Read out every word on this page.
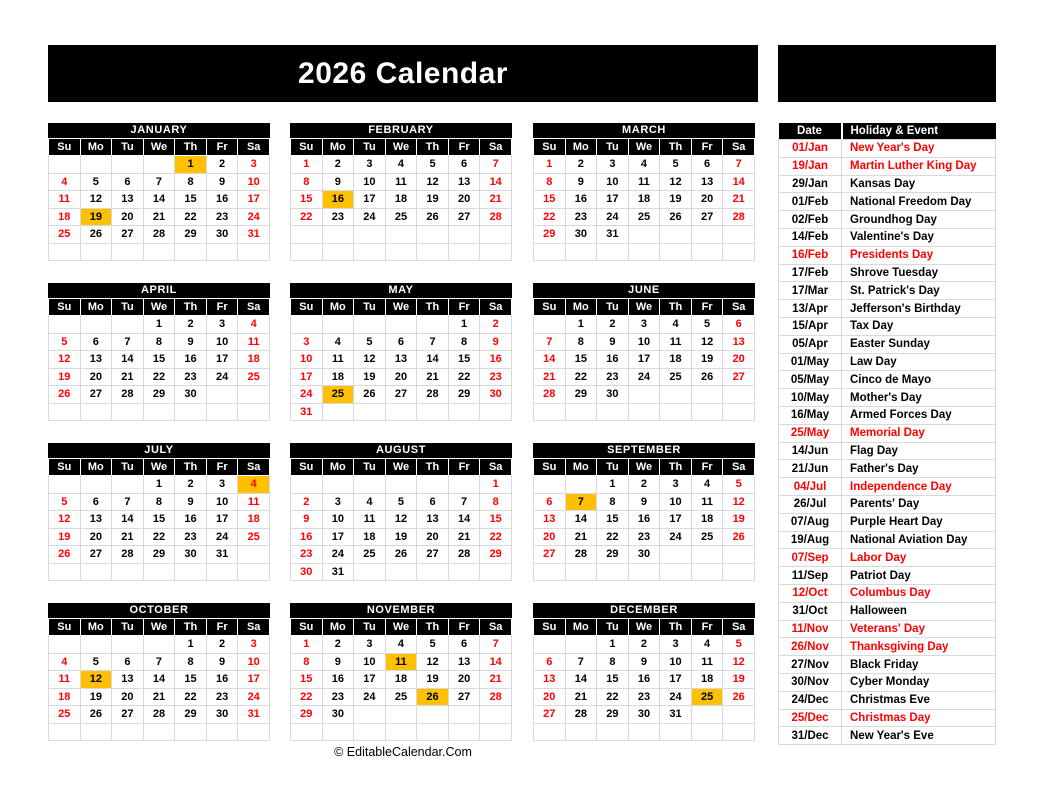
2026 Calendar
JANUARY
Su	Mo	Tu	We	Th	Fr	Sa
				1	2	3
4	5	6	7	8	9	10
11	12	13	14	15	16	17
18	19	20	21	22	23	24
25	26	27	28	29	30	31

FEBRUARY
Su	Mo	Tu	We	Th	Fr	Sa
1	2	3	4	5	6	7
8	9	10	11	12	13	14
15	16	17	18	19	20	21
22	23	24	25	26	27	28

MARCH
Su	Mo	Tu	We	Th	Fr	Sa
1	2	3	4	5	6	7
8	9	10	11	12	13	14
15	16	17	18	19	20	21
22	23	24	25	26	27	28
29	30	31				

APRIL
Su	Mo	Tu	We	Th	Fr	Sa
			1	2	3	4
5	6	7	8	9	10	11
12	13	14	15	16	17	18
19	20	21	22	23	24	25
26	27	28	29	30		

MAY
Su	Mo	Tu	We	Th	Fr	Sa
					1	2
3	4	5	6	7	8	9
10	11	12	13	14	15	16
17	18	19	20	21	22	23
24	25	26	27	28	29	30
31						
JUNE
Su	Mo	Tu	We	Th	Fr	Sa
	1	2	3	4	5	6
7	8	9	10	11	12	13
14	15	16	17	18	19	20
21	22	23	24	25	26	27
28	29	30				

JULY
Su	Mo	Tu	We	Th	Fr	Sa
			1	2	3	4
5	6	7	8	9	10	11
12	13	14	15	16	17	18
19	20	21	22	23	24	25
26	27	28	29	30	31	

AUGUST
Su	Mo	Tu	We	Th	Fr	Sa
						1
2	3	4	5	6	7	8
9	10	11	12	13	14	15
16	17	18	19	20	21	22
23	24	25	26	27	28	29
30	31					
SEPTEMBER
Su	Mo	Tu	We	Th	Fr	Sa
		1	2	3	4	5
6	7	8	9	10	11	12
13	14	15	16	17	18	19
20	21	22	23	24	25	26
27	28	29	30			

OCTOBER
Su	Mo	Tu	We	Th	Fr	Sa
				1	2	3
4	5	6	7	8	9	10
11	12	13	14	15	16	17
18	19	20	21	22	23	24
25	26	27	28	29	30	31

NOVEMBER
Su	Mo	Tu	We	Th	Fr	Sa
1	2	3	4	5	6	7
8	9	10	11	12	13	14
15	16	17	18	19	20	21
22	23	24	25	26	27	28
29	30					

DECEMBER
Su	Mo	Tu	We	Th	Fr	Sa
		1	2	3	4	5
6	7	8	9	10	11	12
13	14	15	16	17	18	19
20	21	22	23	24	25	26
27	28	29	30	31		

Date	Holiday & Event
01/Jan	New Year's Day
19/Jan	Martin Luther King Day
29/Jan	Kansas Day
01/Feb	National Freedom Day
02/Feb	Groundhog Day
14/Feb	Valentine's Day
16/Feb	Presidents Day
17/Feb	Shrove Tuesday
17/Mar	St. Patrick's Day
13/Apr	Jefferson's Birthday
15/Apr	Tax Day
05/Apr	Easter Sunday
01/May	Law Day
05/May	Cinco de Mayo
10/May	Mother's Day
16/May	Armed Forces Day
25/May	Memorial Day
14/Jun	Flag Day
21/Jun	Father's Day
04/Jul	Independence Day
26/Jul	Parents' Day
07/Aug	Purple Heart Day
19/Aug	National Aviation Day
07/Sep	Labor Day
11/Sep	Patriot Day
12/Oct	Columbus Day
31/Oct	Halloween
11/Nov	Veterans' Day
26/Nov	Thanksgiving Day
27/Nov	Black Friday
30/Nov	Cyber Monday
24/Dec	Christmas Eve
25/Dec	Christmas Day
31/Dec	New Year's Eve
© EditableCalendar.Com
